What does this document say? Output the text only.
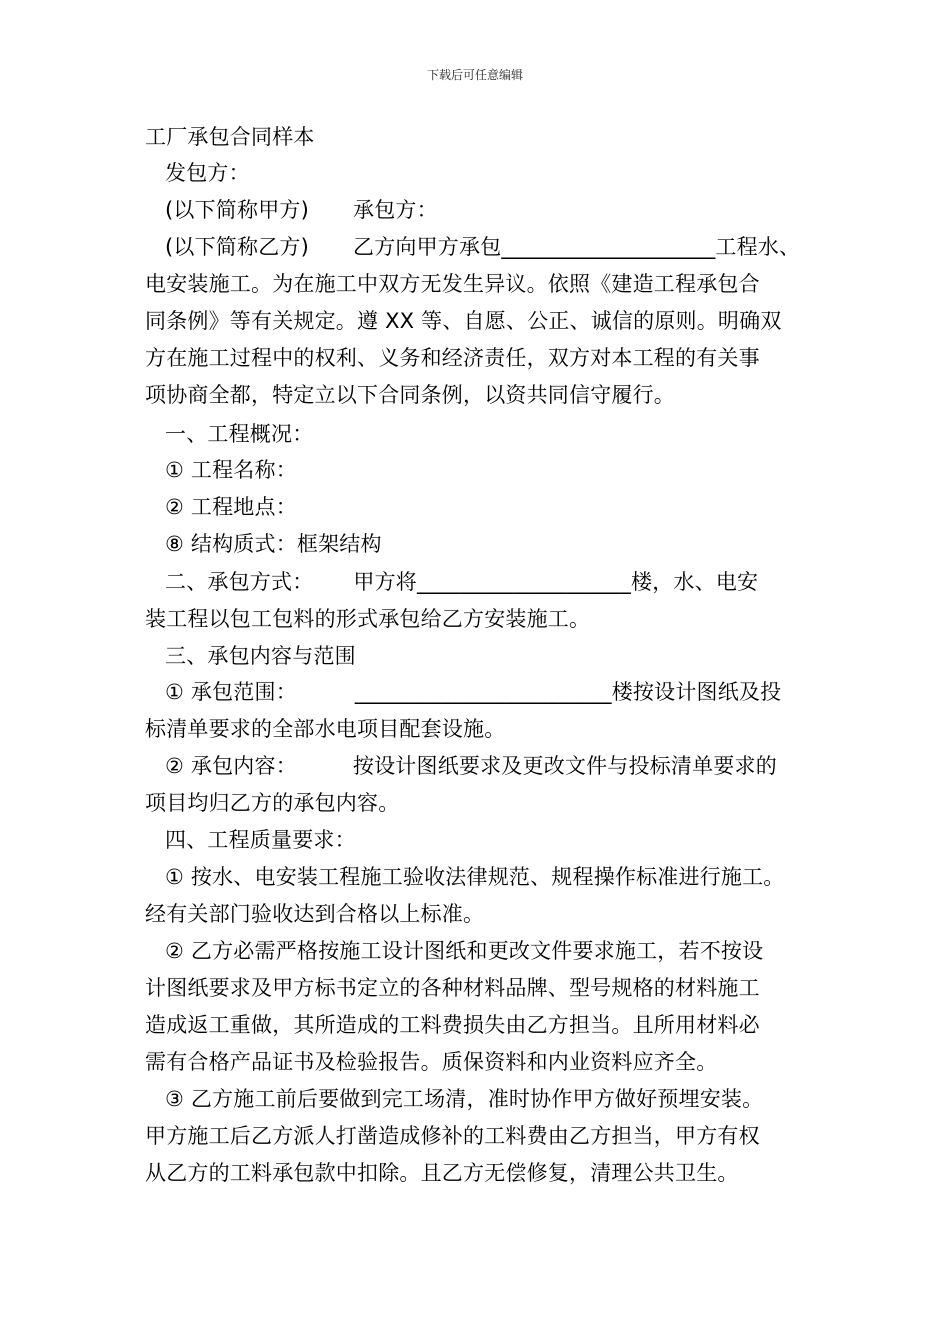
下载后可任意编辑
工厂承包合同样本
发包方：
(以下简称甲方) 承包方：
(以下简称乙方) 乙方向甲方承包____________________工程水、
电安装施工。为在施工中双方无发生异议。依照《建造工程承包合
同条例》等有关规定。遵 XX 等、自愿、公正、诚信的原则。明确双
方在施工过程中的权利、义务和经济责任，双方对本工程的有关事
项协商全都，特定立以下合同条例，以资共同信守履行。
一、工程概况：
① 工程名称：
② 工程地点：
⑧ 结构质式：框架结构
二、承包方式： 甲方将____________________楼，水、电安
装工程以包工包料的形式承包给乙方安装施工。
三、承包内容与范围
① 承包范围：	________________________楼按设计图纸及投
标清单要求的全部水电项目配套设施。
② 承包内容：	按设计图纸要求及更改文件与投标清单要求的
项目均归乙方的承包内容。
四、工程质量要求：
① 按水、电安装工程施工验收法律规范、规程操作标准进行施工。
经有关部门验收达到合格以上标准。
② 乙方必需严格按施工设计图纸和更改文件要求施工，若不按设
计图纸要求及甲方标书定立的各种材料品牌、型号规格的材料施工
造成返工重做，其所造成的工料费损失由乙方担当。且所用材料必
需有合格产品证书及检验报告。质保资料和内业资料应齐全。
③ 乙方施工前后要做到完工场清，准时协作甲方做好预埋安装。
甲方施工后乙方派人打凿造成修补的工料费由乙方担当，甲方有权
从乙方的工料承包款中扣除。且乙方无偿修复，清理公共卫生。
